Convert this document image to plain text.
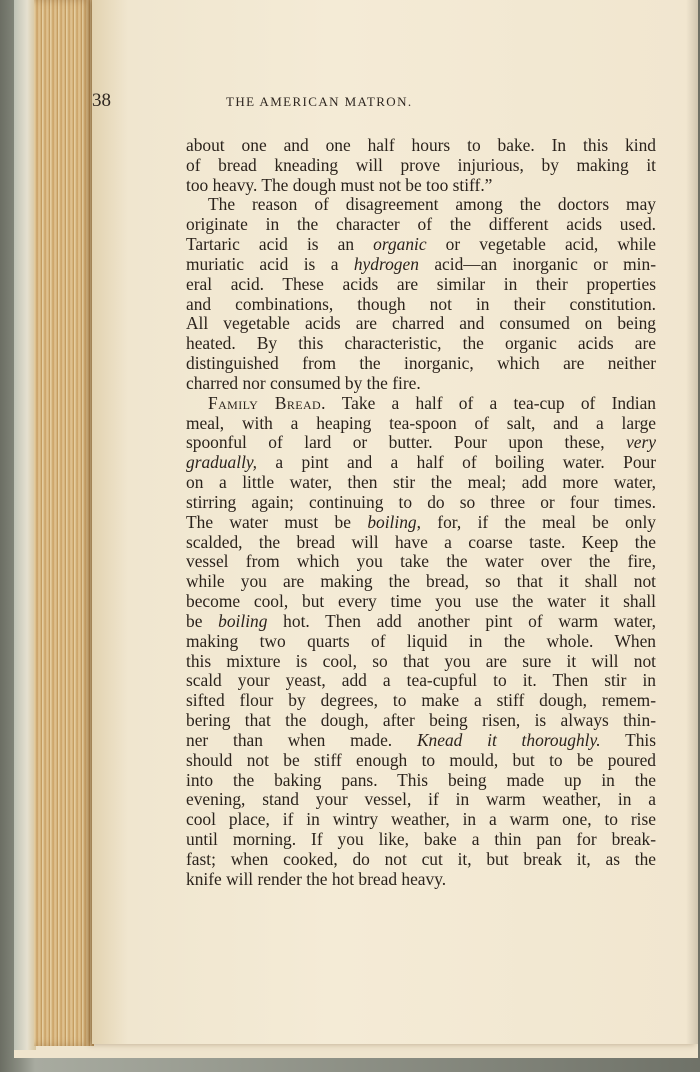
38	THE AMERICAN MATRON.
about one and one half hours to bake. In this kind
of bread kneading will prove injurious, by making it
too heavy. The dough must not be too stiff.”
The reason of disagreement among the doctors may
originate in the character of the different acids used.
Tartaric acid is an organic or vegetable acid, while
muriatic acid is a hydrogen acid—an inorganic or min-
eral acid. These acids are similar in their properties
and combinations, though not in their constitution.
All vegetable acids are charred and consumed on being
heated. By this characteristic, the organic acids are
distinguished from the inorganic, which are neither
charred nor consumed by the fire.
Family Bread. Take a half of a tea-cup of Indian
meal, with a heaping tea-spoon of salt, and a large
spoonful of lard or butter. Pour upon these, very
gradually, a pint and a half of boiling water. Pour
on a little water, then stir the meal; add more water,
stirring again; continuing to do so three or four times.
The water must be boiling, for, if the meal be only
scalded, the bread will have a coarse taste. Keep the
vessel from which you take the water over the fire,
while you are making the bread, so that it shall not
become cool, but every time you use the water it shall
be boiling hot. Then add another pint of warm water,
making two quarts of liquid in the whole. When
this mixture is cool, so that you are sure it will not
scald your yeast, add a tea-cupful to it. Then stir in
sifted flour by degrees, to make a stiff dough, remem-
bering that the dough, after being risen, is always thin-
ner than when made. Knead it thoroughly. This
should not be stiff enough to mould, but to be poured
into the baking pans. This being made up in the
evening, stand your vessel, if in warm weather, in a
cool place, if in wintry weather, in a warm one, to rise
until morning. If you like, bake a thin pan for break-
fast; when cooked, do not cut it, but break it, as the
knife will render the hot bread heavy.
